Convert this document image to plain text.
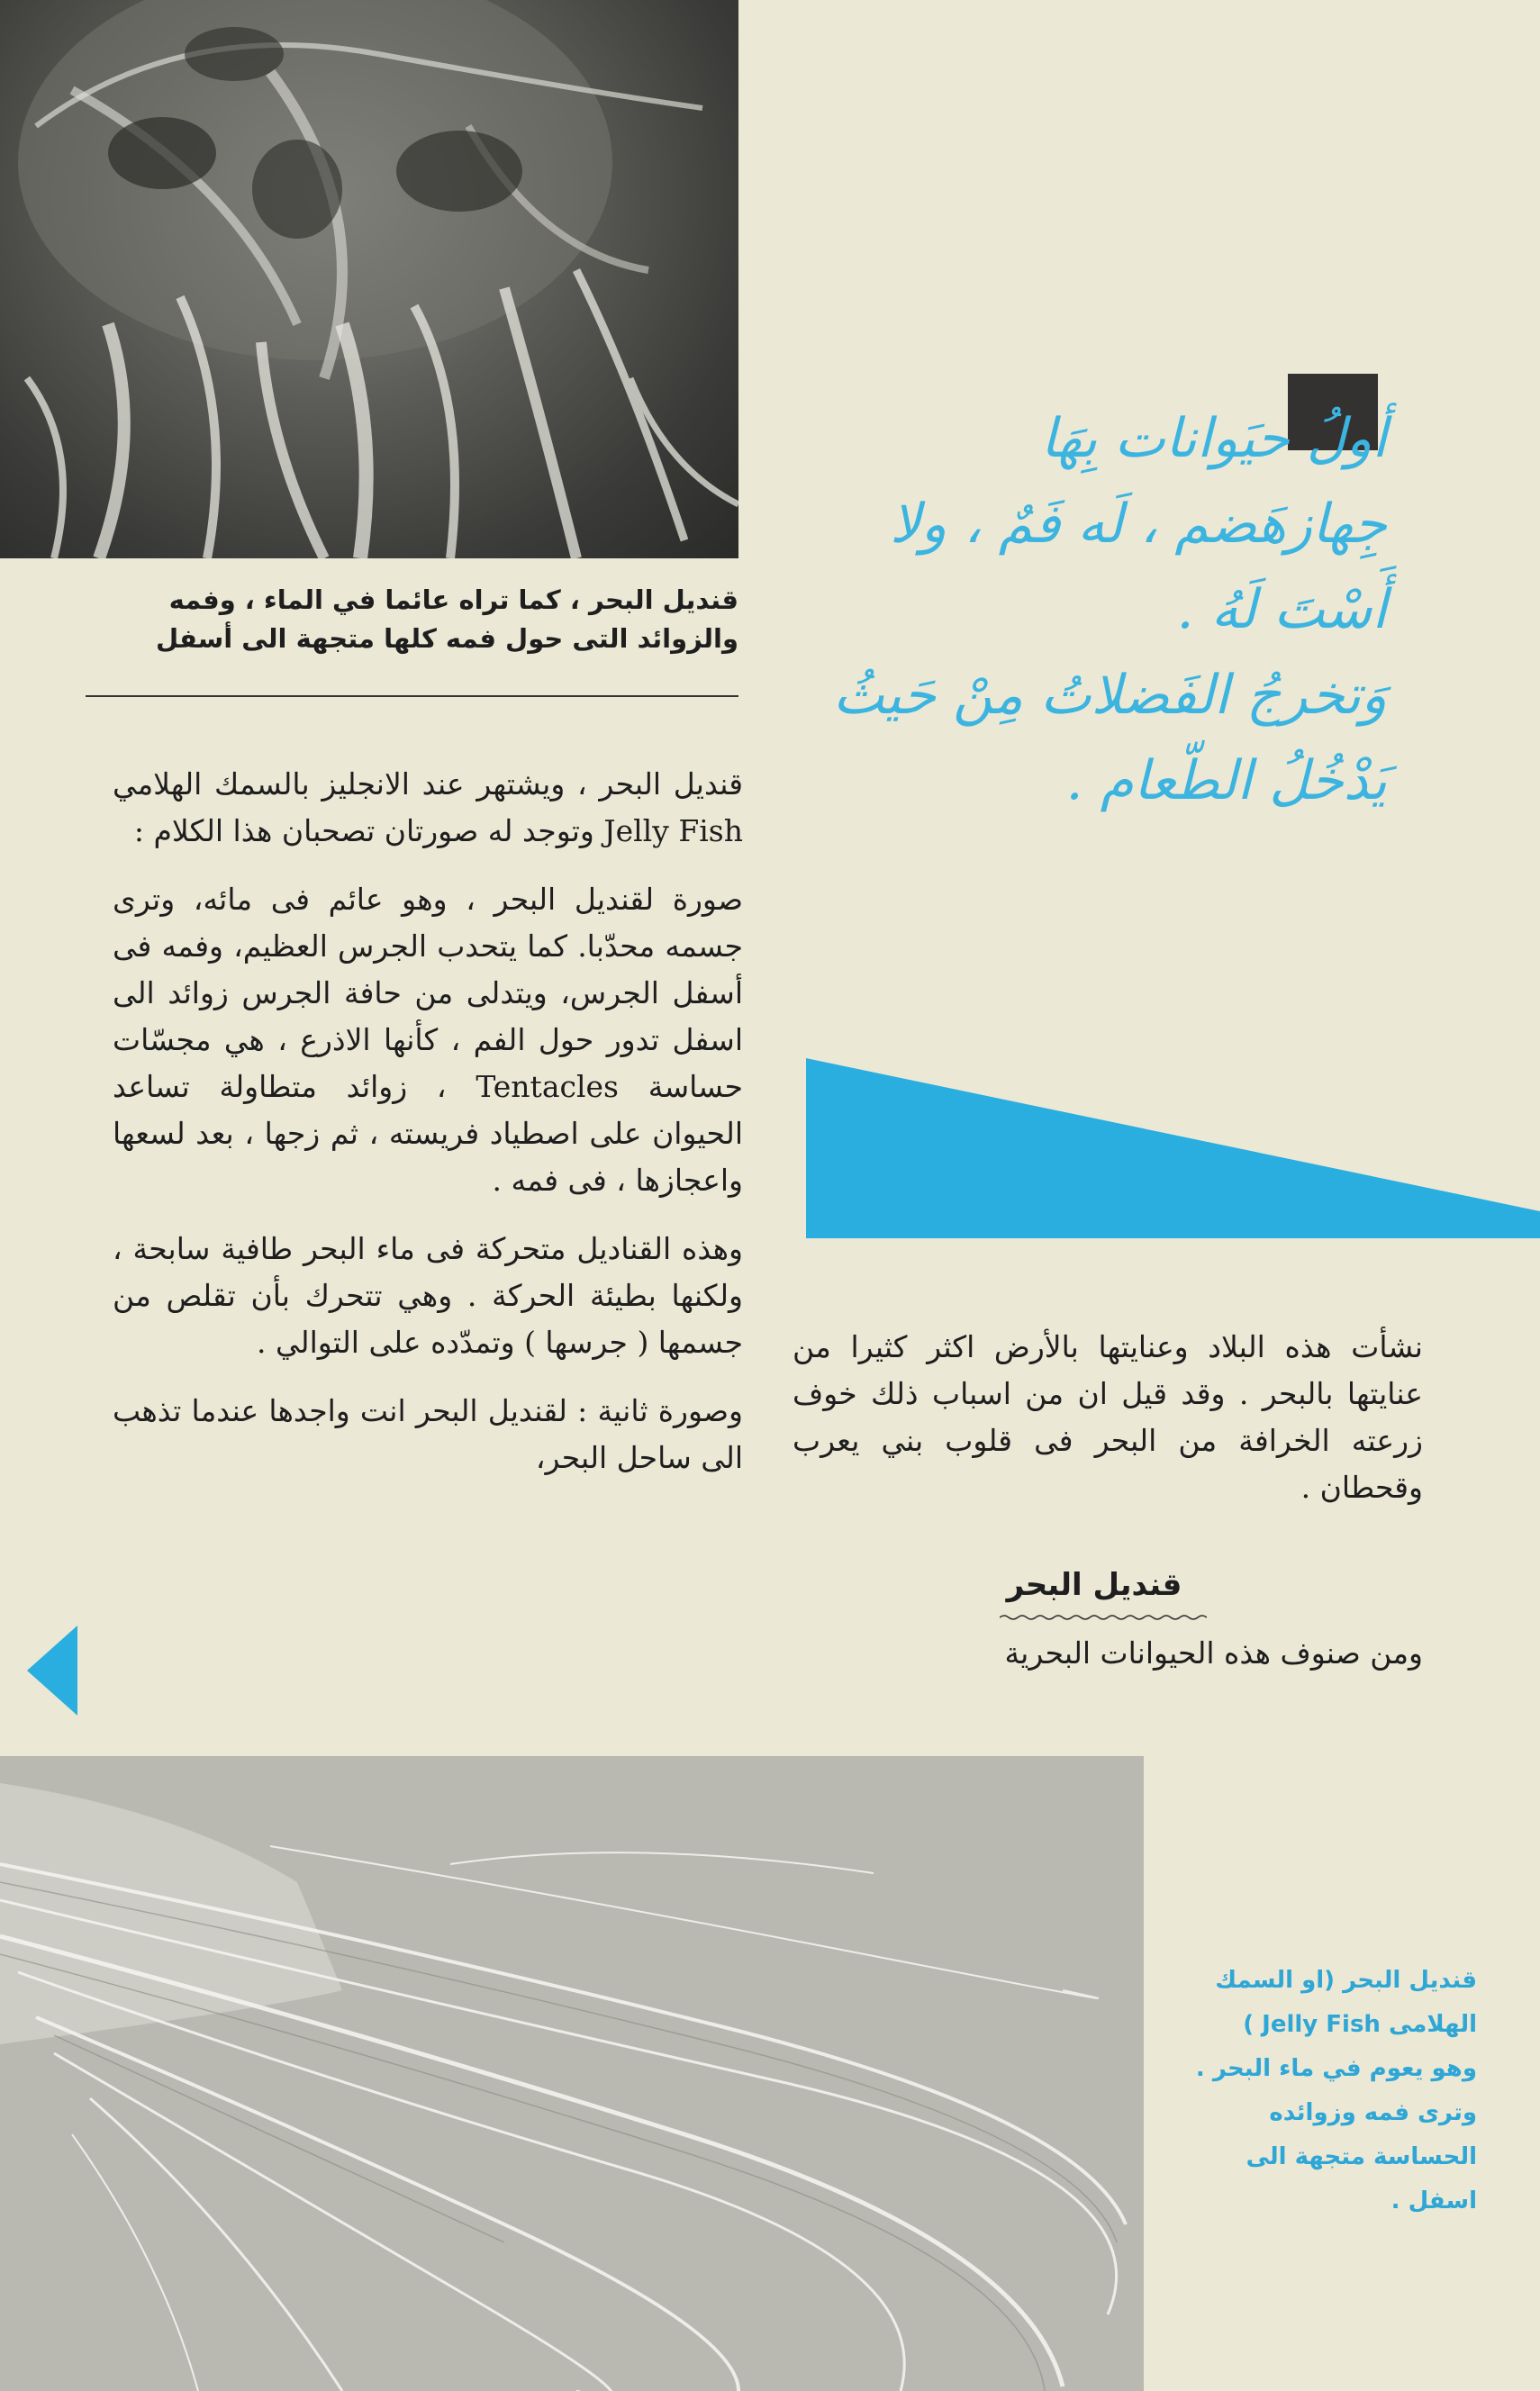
قنديل البحر ، كما تراه عائما في الماء ، وفمه
والزوائد التى حول فمه كلها متجهة الى أسفل

قنديل البحر ، ويشتهر عند الانجليز بالسمك الهلامي Jelly Fish وتوجد له صورتان تصحبان هذا الكلام :

صورة لقنديل البحر ، وهو عائم فى مائه، وترى جسمه محدّبا. كما يتحدب الجرس العظيم، وفمه فى أسفل الجرس، ويتدلى من حافة الجرس زوائد الى اسفل تدور حول الفم ، كأنها الاذرع ، هي مجسّات حساسة Tentacles ، زوائد متطاولة تساعد الحيوان على اصطياد فريسته ، ثم زجها ، بعد لسعها واعجازها ، فى فمه .

وهذه القناديل متحركة فى ماء البحر طافية سابحة ، ولكنها بطيئة الحركة . وهي تتحرك بأن تقلص من جسمها ( جرسها ) وتمدّده على التوالي .

وصورة ثانية : لقنديل البحر انت واجدها عندما تذهب الى ساحل البحر،

أولُ حيَوانات بِهَا
جِهازهَضم ، لَه فَمٌ ، ولا
أَسْتَ لَهُ .
وَتخرجُ الفَضلاتُ مِنْ حَيثُ
يَدْخُلُ الطّعام .

نشأت هذه البلاد وعنايتها بالأرض اكثر كثيرا من عنايتها بالبحر . وقد قيل ان من اسباب ذلك خوف زرعته الخرافة من البحر فى قلوب بني يعرب وقحطان .

قنديل البحر
ومن صنوف هذه الحيوانات البحرية
قنديل البحر (او السمك
الهلامى Jelly Fish )
وهو يعوم في ماء البحر .
وترى فمه وزوائده
الحساسة متجهة الى
اسفل .
